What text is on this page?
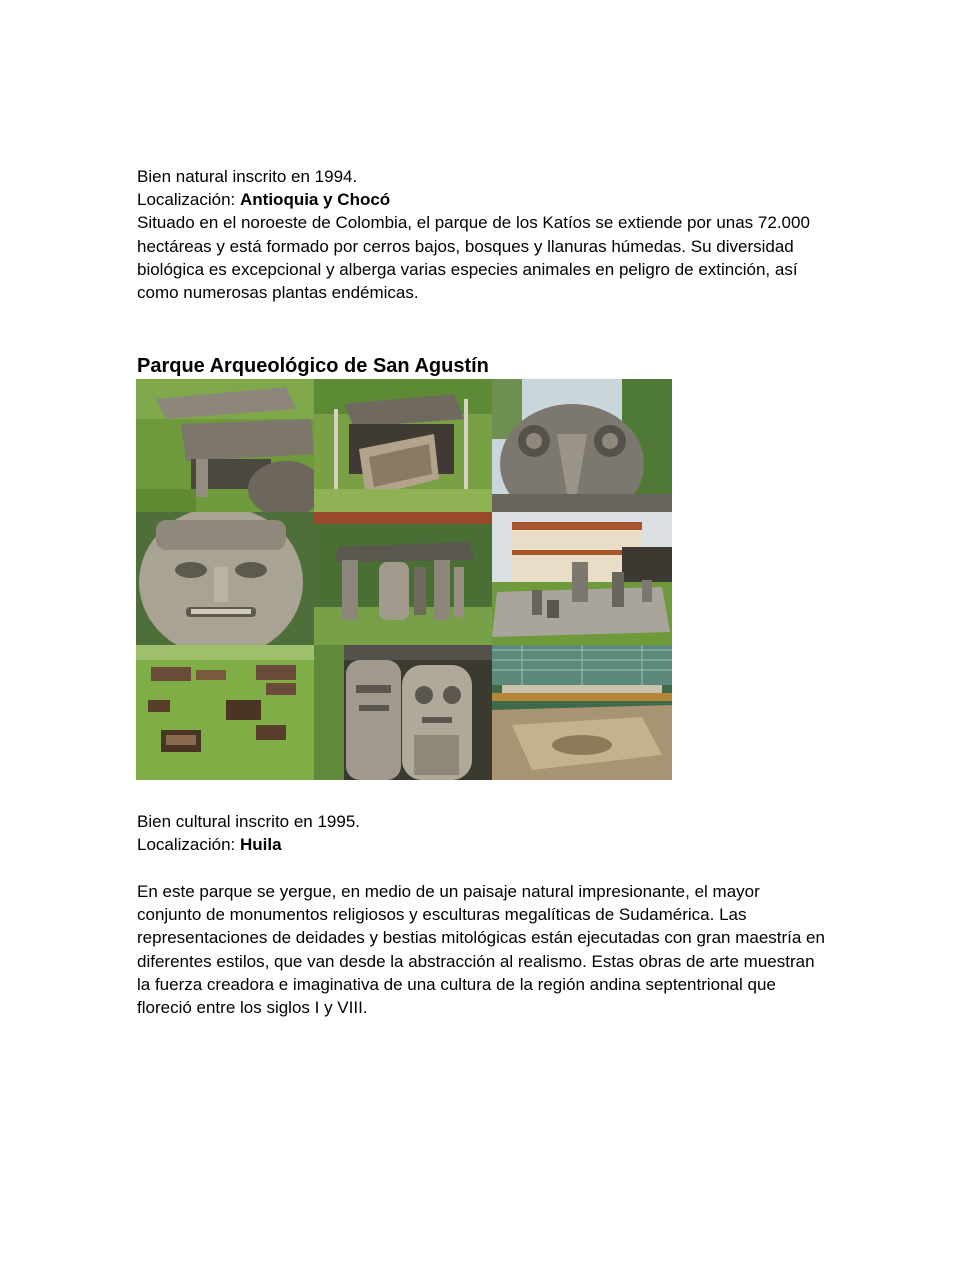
Bien natural inscrito en 1994.

Localización: Antioquia y Chocó

Situado en el noroeste de Colombia, el parque de los Katíos se extiende por unas 72.000

hectáreas y está formado por cerros bajos, bosques y llanuras húmedas. Su diversidad

biológica es excepcional y alberga varias especies animales en peligro de extinción, así

como numerosas plantas endémicas.

Parque Arqueológico de San Agustín

Bien cultural inscrito en 1995.

Localización: Huila

En este parque se yergue, en medio de un paisaje natural impresionante, el mayor

conjunto de monumentos religiosos y esculturas megalíticas de Sudamérica. Las

representaciones de deidades y bestias mitológicas están ejecutadas con gran maestría en

diferentes estilos, que van desde la abstracción al realismo. Estas obras de arte muestran

la fuerza creadora e imaginativa de una cultura de la región andina septentrional que

floreció entre los siglos I y VIII.
